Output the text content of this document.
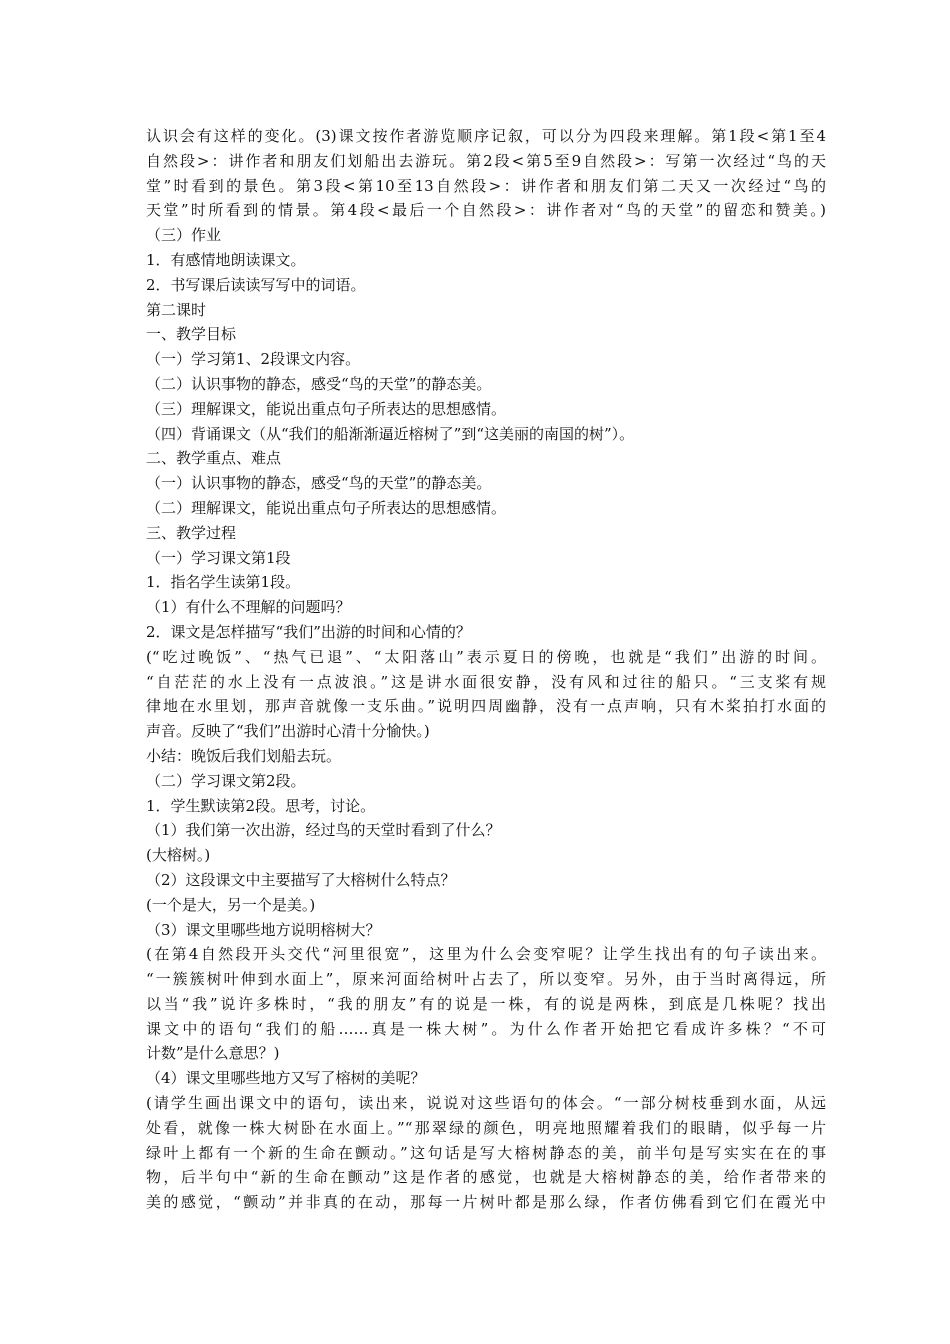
认识会有这样的变化。(3)课文按作者游览顺序记叙，可以分为四段来理解。第1段<第1至4
自然段>：讲作者和朋友们划船出去游玩。第2段<第5至9自然段>：写第一次经过“鸟的天
堂”时看到的景色。第3段<第10至13自然段>：讲作者和朋友们第二天又一次经过“鸟的
天堂”时所看到的情景。第4段<最后一个自然段>：讲作者对“鸟的天堂”的留恋和赞美。)
（三）作业
1．有感情地朗读课文。
2．书写课后读读写写中的词语。
第二课时
一、教学目标
（一）学习第1、2段课文内容。
（二）认识事物的静态，感受“鸟的天堂”的静态美。
（三）理解课文，能说出重点句子所表达的思想感情。
（四）背诵课文（从“我们的船渐渐逼近榕树了”到“这美丽的南国的树”）。
二、教学重点、难点
（一）认识事物的静态，感受“鸟的天堂”的静态美。
（二）理解课文，能说出重点句子所表达的思想感情。
三、教学过程
（一）学习课文第1段
1．指名学生读第1段。
（1）有什么不理解的问题吗？
2．课文是怎样描写“我们”出游的时间和心情的？
(“吃过晚饭”、“热气已退”、“太阳落山”表示夏日的傍晚，也就是“我们”出游的时间。
“自茫茫的水上没有一点波浪。”这是讲水面很安静，没有风和过往的船只。“三支桨有规
律地在水里划，那声音就像一支乐曲。”说明四周幽静，没有一点声响，只有木桨拍打水面的
声音。反映了“我们”出游时心清十分愉快。)
小结：晚饭后我们划船去玩。
（二）学习课文第2段。
1．学生默读第2段。思考，讨论。
（1）我们第一次出游，经过鸟的天堂时看到了什么？
(大榕树。)
（2）这段课文中主要描写了大榕树什么特点？
(一个是大，另一个是美。)
（3）课文里哪些地方说明榕树大？
(在第4自然段开头交代“河里很宽”，这里为什么会变窄呢？让学生找出有的句子读出来。
“一簇簇树叶伸到水面上”，原来河面给树叶占去了，所以变窄。另外，由于当时离得远，所
以当“我”说许多株时，“我的朋友”有的说是一株，有的说是两株，到底是几株呢？找出
课文中的语句“我们的船……真是一株大树”。为什么作者开始把它看成许多株？“不可
计数”是什么意思？)
（4）课文里哪些地方又写了榕树的美呢？
(请学生画出课文中的语句，读出来，说说对这些语句的体会。“一部分树枝垂到水面，从远
处看，就像一株大树卧在水面上。”“那翠绿的颜色，明亮地照耀着我们的眼睛，似乎每一片
绿叶上都有一个新的生命在颤动。”这句话是写大榕树静态的美，前半句是写实实在在的事
物，后半句中“新的生命在颤动”这是作者的感觉，也就是大榕树静态的美，给作者带来的
美的感觉，“颤动”并非真的在动，那每一片树叶都是那么绿，作者仿佛看到它们在霞光中
